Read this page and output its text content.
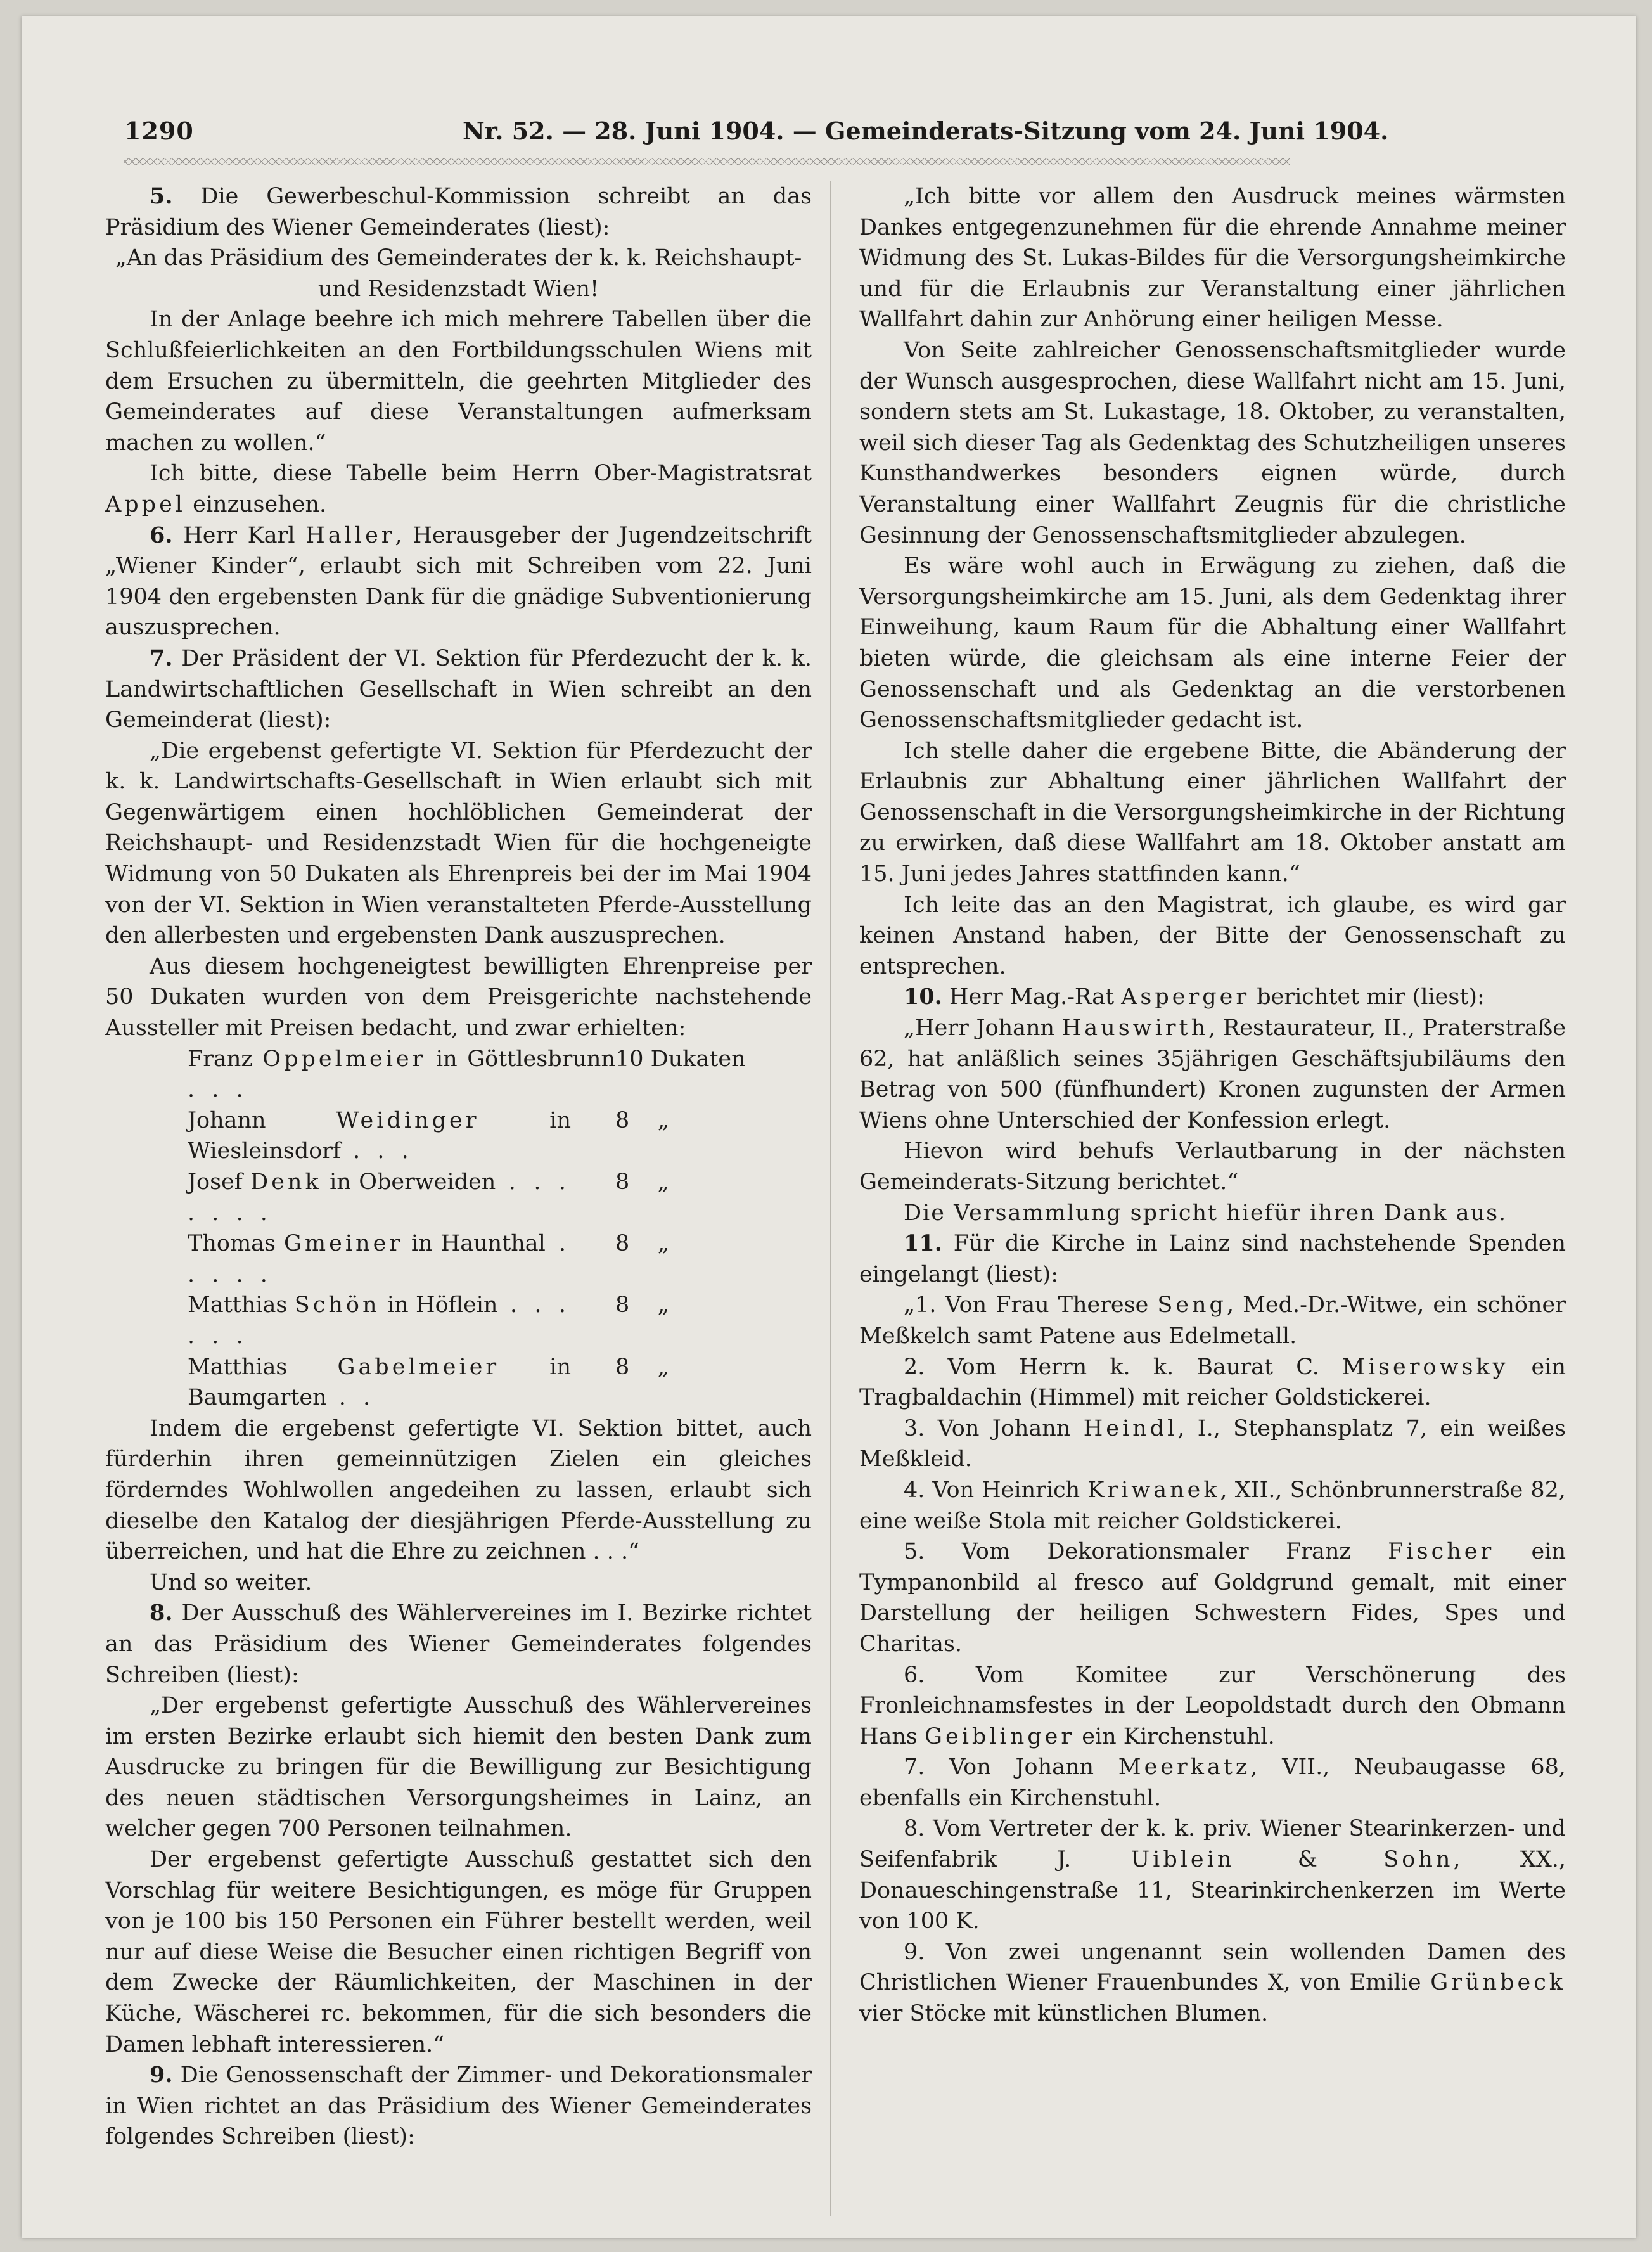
1290	Nr. 52. — 28. Juni 1904. — Gemeinderats-Sitzung vom 24. Juni 1904.

5. Die Gewerbeschul-Kommission schreibt an das Präsidium des Wiener Gemeinderates (liest):

„An das Präsidium des Gemeinderates der k. k. Reichshaupt- und Residenzstadt Wien!

In der Anlage beehre ich mich mehrere Tabellen über die Schlußfeierlichkeiten an den Fortbildungsschulen Wiens mit dem Ersuchen zu übermitteln, die geehrten Mitglieder des Gemeinderates auf diese Veranstaltungen aufmerksam machen zu wollen.“

Ich bitte, diese Tabelle beim Herrn Ober-Magistratsrat Appel einzusehen.

6. Herr Karl Haller, Herausgeber der Jugendzeitschrift „Wiener Kinder“, erlaubt sich mit Schreiben vom 22. Juni 1904 den ergebensten Dank für die gnädige Subventionierung auszusprechen.

7. Der Präsident der VI. Sektion für Pferdezucht der k. k. Landwirtschaftlichen Gesellschaft in Wien schreibt an den Gemeinderat (liest):

„Die ergebenst gefertigte VI. Sektion für Pferdezucht der k. k. Landwirtschafts-Gesellschaft in Wien erlaubt sich mit Gegenwärtigem einen hochlöblichen Gemeinderat der Reichshaupt- und Residenzstadt Wien für die hochgeneigte Widmung von 50 Dukaten als Ehrenpreis bei der im Mai 1904 von der VI. Sektion in Wien veranstalteten Pferde-Ausstellung den allerbesten und ergebensten Dank auszusprechen.

Aus diesem hochgeneigtest bewilligten Ehrenpreise per 50 Dukaten wurden von dem Preisgerichte nachstehende Aussteller mit Preisen bedacht, und zwar erhielten:

Franz Oppelmeier in Göttlesbrunn . . .
10 Dukaten
Johann Weidinger in Wiesleinsdorf . . .
8    „
Josef Denk in Oberweiden . . . . . . .
8    „
Thomas Gmeiner in Haunthal . . . . .
8    „
Matthias Schön in Höflein . . . . . .
8    „
Matthias Gabelmeier in Baumgarten . .
8    „

Indem die ergebenst gefertigte VI. Sektion bittet, auch fürderhin ihren gemeinnützigen Zielen ein gleiches förderndes Wohlwollen angedeihen zu lassen, erlaubt sich dieselbe den Katalog der diesjährigen Pferde-Ausstellung zu überreichen, und hat die Ehre zu zeichnen . . .“

Und so weiter.

8. Der Ausschuß des Wählervereines im I. Bezirke richtet an das Präsidium des Wiener Gemeinderates folgendes Schreiben (liest):

„Der ergebenst gefertigte Ausschuß des Wählervereines im ersten Bezirke erlaubt sich hiemit den besten Dank zum Ausdrucke zu bringen für die Bewilligung zur Besichtigung des neuen städtischen Versorgungsheimes in Lainz, an welcher gegen 700 Personen teilnahmen.

Der ergebenst gefertigte Ausschuß gestattet sich den Vorschlag für weitere Besichtigungen, es möge für Gruppen von je 100 bis 150 Personen ein Führer bestellt werden, weil nur auf diese Weise die Besucher einen richtigen Begriff von dem Zwecke der Räumlichkeiten, der Maschinen in der Küche, Wäscherei rc. bekommen, für die sich besonders die Damen lebhaft interessieren.“

9. Die Genossenschaft der Zimmer- und Dekorationsmaler in Wien richtet an das Präsidium des Wiener Gemeinderates folgendes Schreiben (liest):

„Ich bitte vor allem den Ausdruck meines wärmsten Dankes entgegenzunehmen für die ehrende Annahme meiner Widmung des St. Lukas-Bildes für die Versorgungsheimkirche und für die Erlaubnis zur Veranstaltung einer jährlichen Wallfahrt dahin zur Anhörung einer heiligen Messe.

Von Seite zahlreicher Genossenschaftsmitglieder wurde der Wunsch ausgesprochen, diese Wallfahrt nicht am 15. Juni, sondern stets am St. Lukastage, 18. Oktober, zu veranstalten, weil sich dieser Tag als Gedenktag des Schutzheiligen unseres Kunsthandwerkes besonders eignen würde, durch Veranstaltung einer Wallfahrt Zeugnis für die christliche Gesinnung der Genossenschaftsmitglieder abzulegen.

Es wäre wohl auch in Erwägung zu ziehen, daß die Versorgungsheimkirche am 15. Juni, als dem Gedenktag ihrer Einweihung, kaum Raum für die Abhaltung einer Wallfahrt bieten würde, die gleichsam als eine interne Feier der Genossenschaft und als Gedenktag an die verstorbenen Genossenschaftsmitglieder gedacht ist.

Ich stelle daher die ergebene Bitte, die Abänderung der Erlaubnis zur Abhaltung einer jährlichen Wallfahrt der Genossenschaft in die Versorgungsheimkirche in der Richtung zu erwirken, daß diese Wallfahrt am 18. Oktober anstatt am 15. Juni jedes Jahres stattfinden kann.“

Ich leite das an den Magistrat, ich glaube, es wird gar keinen Anstand haben, der Bitte der Genossenschaft zu entsprechen.

10. Herr Mag.-Rat Asperger berichtet mir (liest):

„Herr Johann Hauswirth, Restaurateur, II., Praterstraße 62, hat anläßlich seines 35jährigen Geschäftsjubiläums den Betrag von 500 (fünfhundert) Kronen zugunsten der Armen Wiens ohne Unterschied der Konfession erlegt.

Hievon wird behufs Verlautbarung in der nächsten Gemeinderats-Sitzung berichtet.“

Die Versammlung spricht hiefür ihren Dank aus.

11. Für die Kirche in Lainz sind nachstehende Spenden eingelangt (liest):

„1. Von Frau Therese Seng, Med.-Dr.-Witwe, ein schöner Meßkelch samt Patene aus Edelmetall.

2. Vom Herrn k. k. Baurat C. Miserowsky ein Tragbaldachin (Himmel) mit reicher Goldstickerei.

3. Von Johann Heindl, I., Stephansplatz 7, ein weißes Meßkleid.

4. Von Heinrich Kriwanek, XII., Schönbrunnerstraße 82, eine weiße Stola mit reicher Goldstickerei.

5. Vom Dekorationsmaler Franz Fischer ein Tympanonbild al fresco auf Goldgrund gemalt, mit einer Darstellung der heiligen Schwestern Fides, Spes und Charitas.

6. Vom Komitee zur Verschönerung des Fronleichnamsfestes in der Leopoldstadt durch den Obmann Hans Geiblinger ein Kirchenstuhl.

7. Von Johann Meerkatz, VII., Neubaugasse 68, ebenfalls ein Kirchenstuhl.

8. Vom Vertreter der k. k. priv. Wiener Stearinkerzen- und Seifenfabrik J. Uiblein & Sohn, XX., Donaueschingenstraße 11, Stearinkirchenkerzen im Werte von 100 K.

9. Von zwei ungenannt sein wollenden Damen des Christlichen Wiener Frauenbundes X, von Emilie Grünbeck vier Stöcke mit künstlichen Blumen.
